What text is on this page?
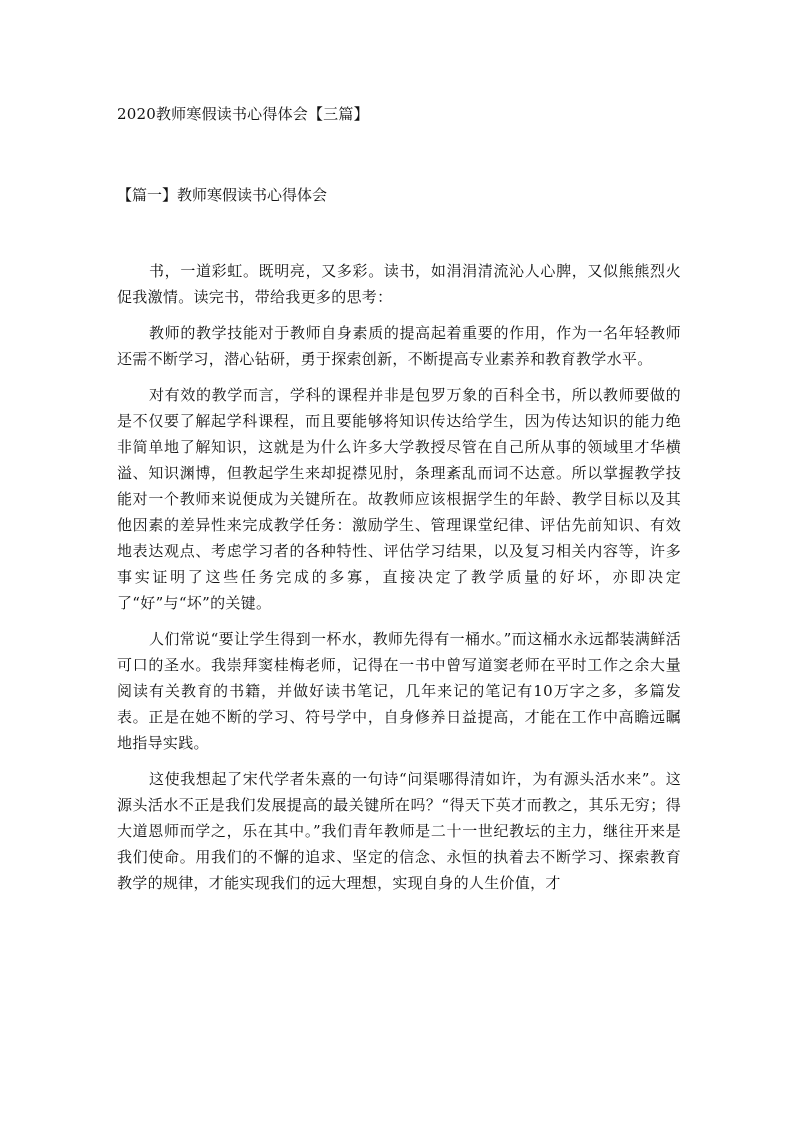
2020教师寒假读书心得体会【三篇】
【篇一】教师寒假读书心得体会

书，一道彩虹。既明亮，又多彩。读书，如涓涓清流沁人心脾，又似熊熊烈火促我激情。读完书，带给我更多的思考：

教师的教学技能对于教师自身素质的提高起着重要的作用，作为一名年轻教师还需不断学习，潜心钻研，勇于探索创新，不断提高专业素养和教育教学水平。

对有效的教学而言，学科的课程并非是包罗万象的百科全书，所以教师要做的是不仅要了解起学科课程，而且要能够将知识传达给学生，因为传达知识的能力绝非简单地了解知识，这就是为什么许多大学教授尽管在自己所从事的领域里才华横溢、知识渊博，但教起学生来却捉襟见肘，条理紊乱而词不达意。所以掌握教学技能对一个教师来说便成为关键所在。故教师应该根据学生的年龄、教学目标以及其他因素的差异性来完成教学任务：激励学生、管理课堂纪律、评估先前知识、有效地表达观点、考虑学习者的各种特性、评估学习结果，以及复习相关内容等，许多事实证明了这些任务完成的多寡，直接决定了教学质量的好坏，亦即决定了“好”与“坏”的关键。

人们常说“要让学生得到一杯水，教师先得有一桶水。”而这桶水永远都装满鲜活可口的圣水。我崇拜窦桂梅老师，记得在一书中曾写道窦老师在平时工作之余大量阅读有关教育的书籍，并做好读书笔记，几年来记的笔记有10万字之多，多篇发表。正是在她不断的学习、符号学中，自身修养日益提高，才能在工作中高瞻远瞩地指导实践。

这使我想起了宋代学者朱熹的一句诗“问渠哪得清如许，为有源头活水来”。这源头活水不正是我们发展提高的最关键所在吗？“得天下英才而教之，其乐无穷；得大道恩师而学之，乐在其中。”我们青年教师是二十一世纪教坛的主力，继往开来是我们使命。用我们的不懈的追求、坚定的信念、永恒的执着去不断学习、探索教育教学的规律，才能实现我们的远大理想，实现自身的人生价值，才
